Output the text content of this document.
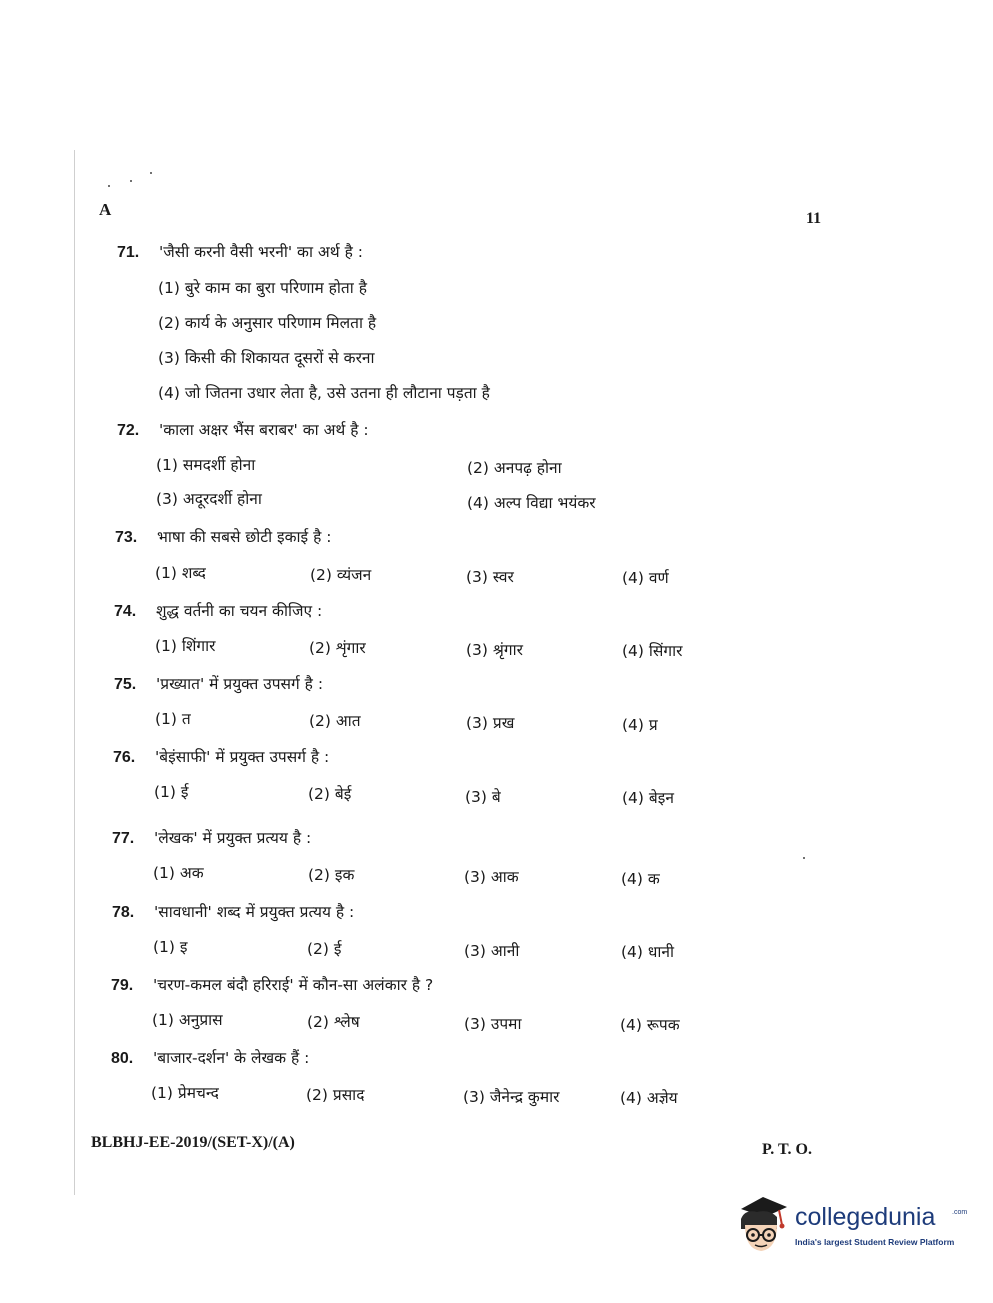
A	11
71. 'जैसी करनी वैसी भरनी' का अर्थ है :
(1) बुरे काम का बुरा परिणाम होता है
(2) कार्य के अनुसार परिणाम मिलता है
(3) किसी की शिकायत दूसरों से करना
(4) जो जितना उधार लेता है, उसे उतना ही लौटाना पड़ता है
72. 'काला अक्षर भैंस बराबर' का अर्थ है :
(1) समदर्शी होना	(2) अनपढ़ होना
(3) अदूरदर्शी होना	(4) अल्प विद्या भयंकर
73. भाषा की सबसे छोटी इकाई है :
(1) शब्द	(2) व्यंजन	(3) स्वर	(4) वर्ण
74. शुद्ध वर्तनी का चयन कीजिए :
(1) शिंगार	(2) शृंगार	(3) श्रृंगार	(4) सिंगार
75. 'प्रख्यात' में प्रयुक्त उपसर्ग है :
(1) त	(2) आत	(3) प्रख	(4) प्र
76. 'बेइंसाफी' में प्रयुक्त उपसर्ग है :
(1) ई	(2) बेई	(3) बे	(4) बेइन
77. 'लेखक' में प्रयुक्त प्रत्यय है :
(1) अक	(2) इक	(3) आक	(4) क
78. 'सावधानी' शब्द में प्रयुक्त प्रत्यय है :
(1) इ	(2) ई	(3) आनी	(4) धानी
79. 'चरण-कमल बंदौ हरिराई' में कौन-सा अलंकार है ?
(1) अनुप्रास	(2) श्लेष	(3) उपमा	(4) रूपक
80. 'बाजार-दर्शन' के लेखक हैं :
(1) प्रेमचन्द	(2) प्रसाद	(3) जैनेन्द्र कुमार	(4) अज्ञेय
BLBHJ-EE-2019/(SET-X)/(A)	P. T. O.
collegedunia .com
India's largest Student Review Platform
